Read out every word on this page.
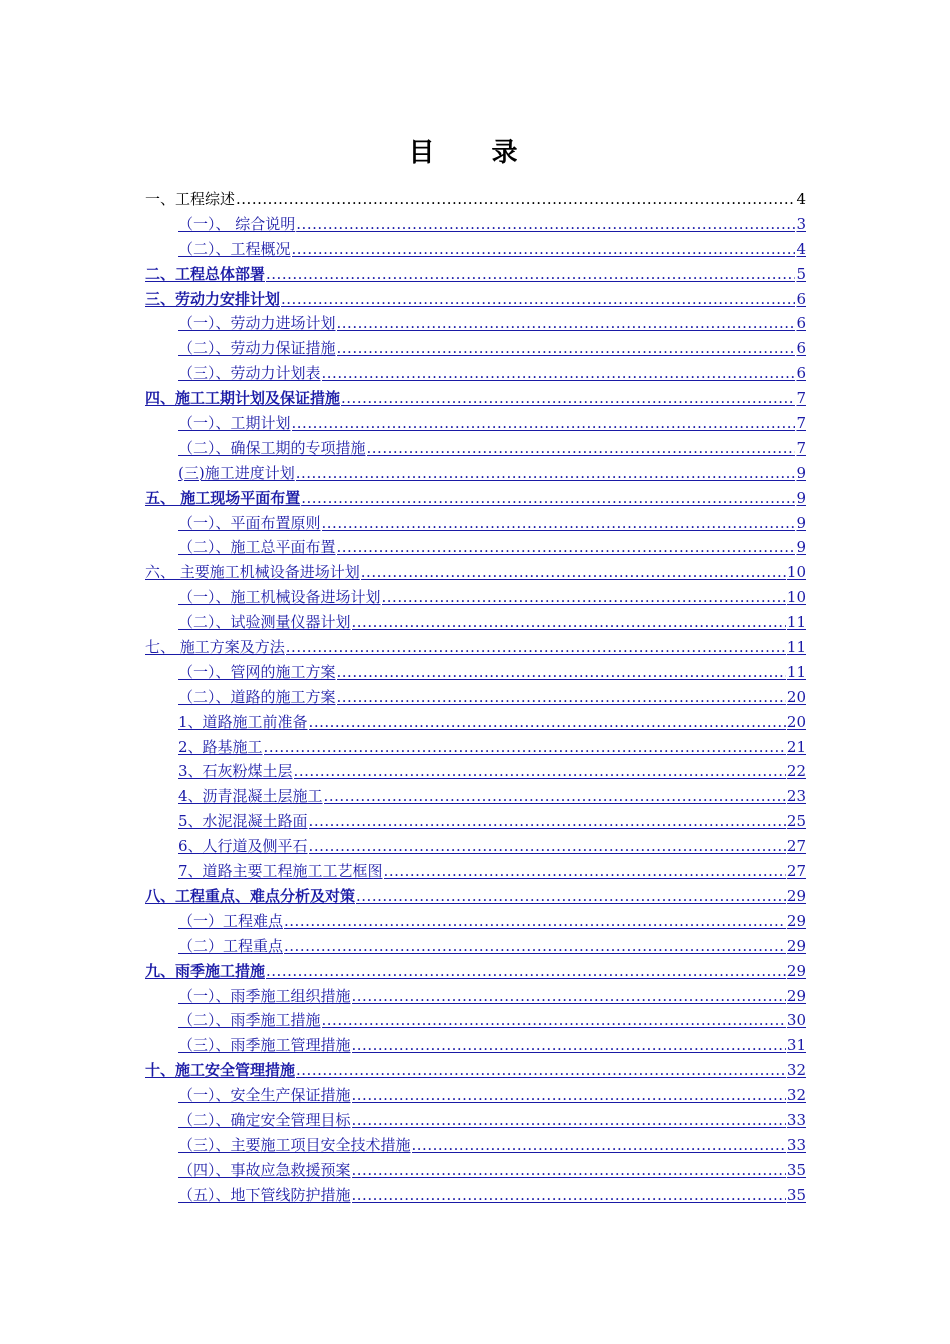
目 录
一、工程综述 .....	4
（一）、 综合说明 .....	3
（二）、工程概况 .....	4
二、工程总体部署 .....	5
三、劳动力安排计划 .....	6
（一）、劳动力进场计划 .....	6
（二）、劳动力保证措施 .....	6
（三）、劳动力计划表 .....	6
四、施工工期计划及保证措施 .....	7
（一）、工期计划 .....	7
（二）、确保工期的专项措施 .....	7
(三)施工进度计划 .....	9
五、 施工现场平面布置 .....	9
（一）、平面布置原则 .....	9
（二）、施工总平面布置 .....	9
六、 主要施工机械设备进场计划 .....	10
（一）、施工机械设备进场计划 .....	10
（二）、试验测量仪器计划 .....	11
七、 施工方案及方法 .....	11
（一）、管网的施工方案 .....	11
（二）、道路的施工方案 .....	20
1、道路施工前准备 .....	20
2、路基施工 .....	21
3、石灰粉煤土层 .....	22
4、沥青混凝土层施工 .....	23
5、水泥混凝土路面 .....	25
6、人行道及侧平石 .....	27
7、道路主要工程施工工艺框图 .....	27
八、工程重点、难点分析及对策 .....	29
（一）工程难点 .....	29
（二）工程重点 .....	29
九、雨季施工措施 .....	29
（一）、雨季施工组织措施 .....	29
（二）、雨季施工措施 .....	30
（三）、雨季施工管理措施 .....	31
十、施工安全管理措施 .....	32
（一）、安全生产保证措施 .....	32
（二）、确定安全管理目标 .....	33
（三）、主要施工项目安全技术措施 .....	33
（四）、事故应急救援预案 .....	35
（五）、地下管线防护措施 .....	35
